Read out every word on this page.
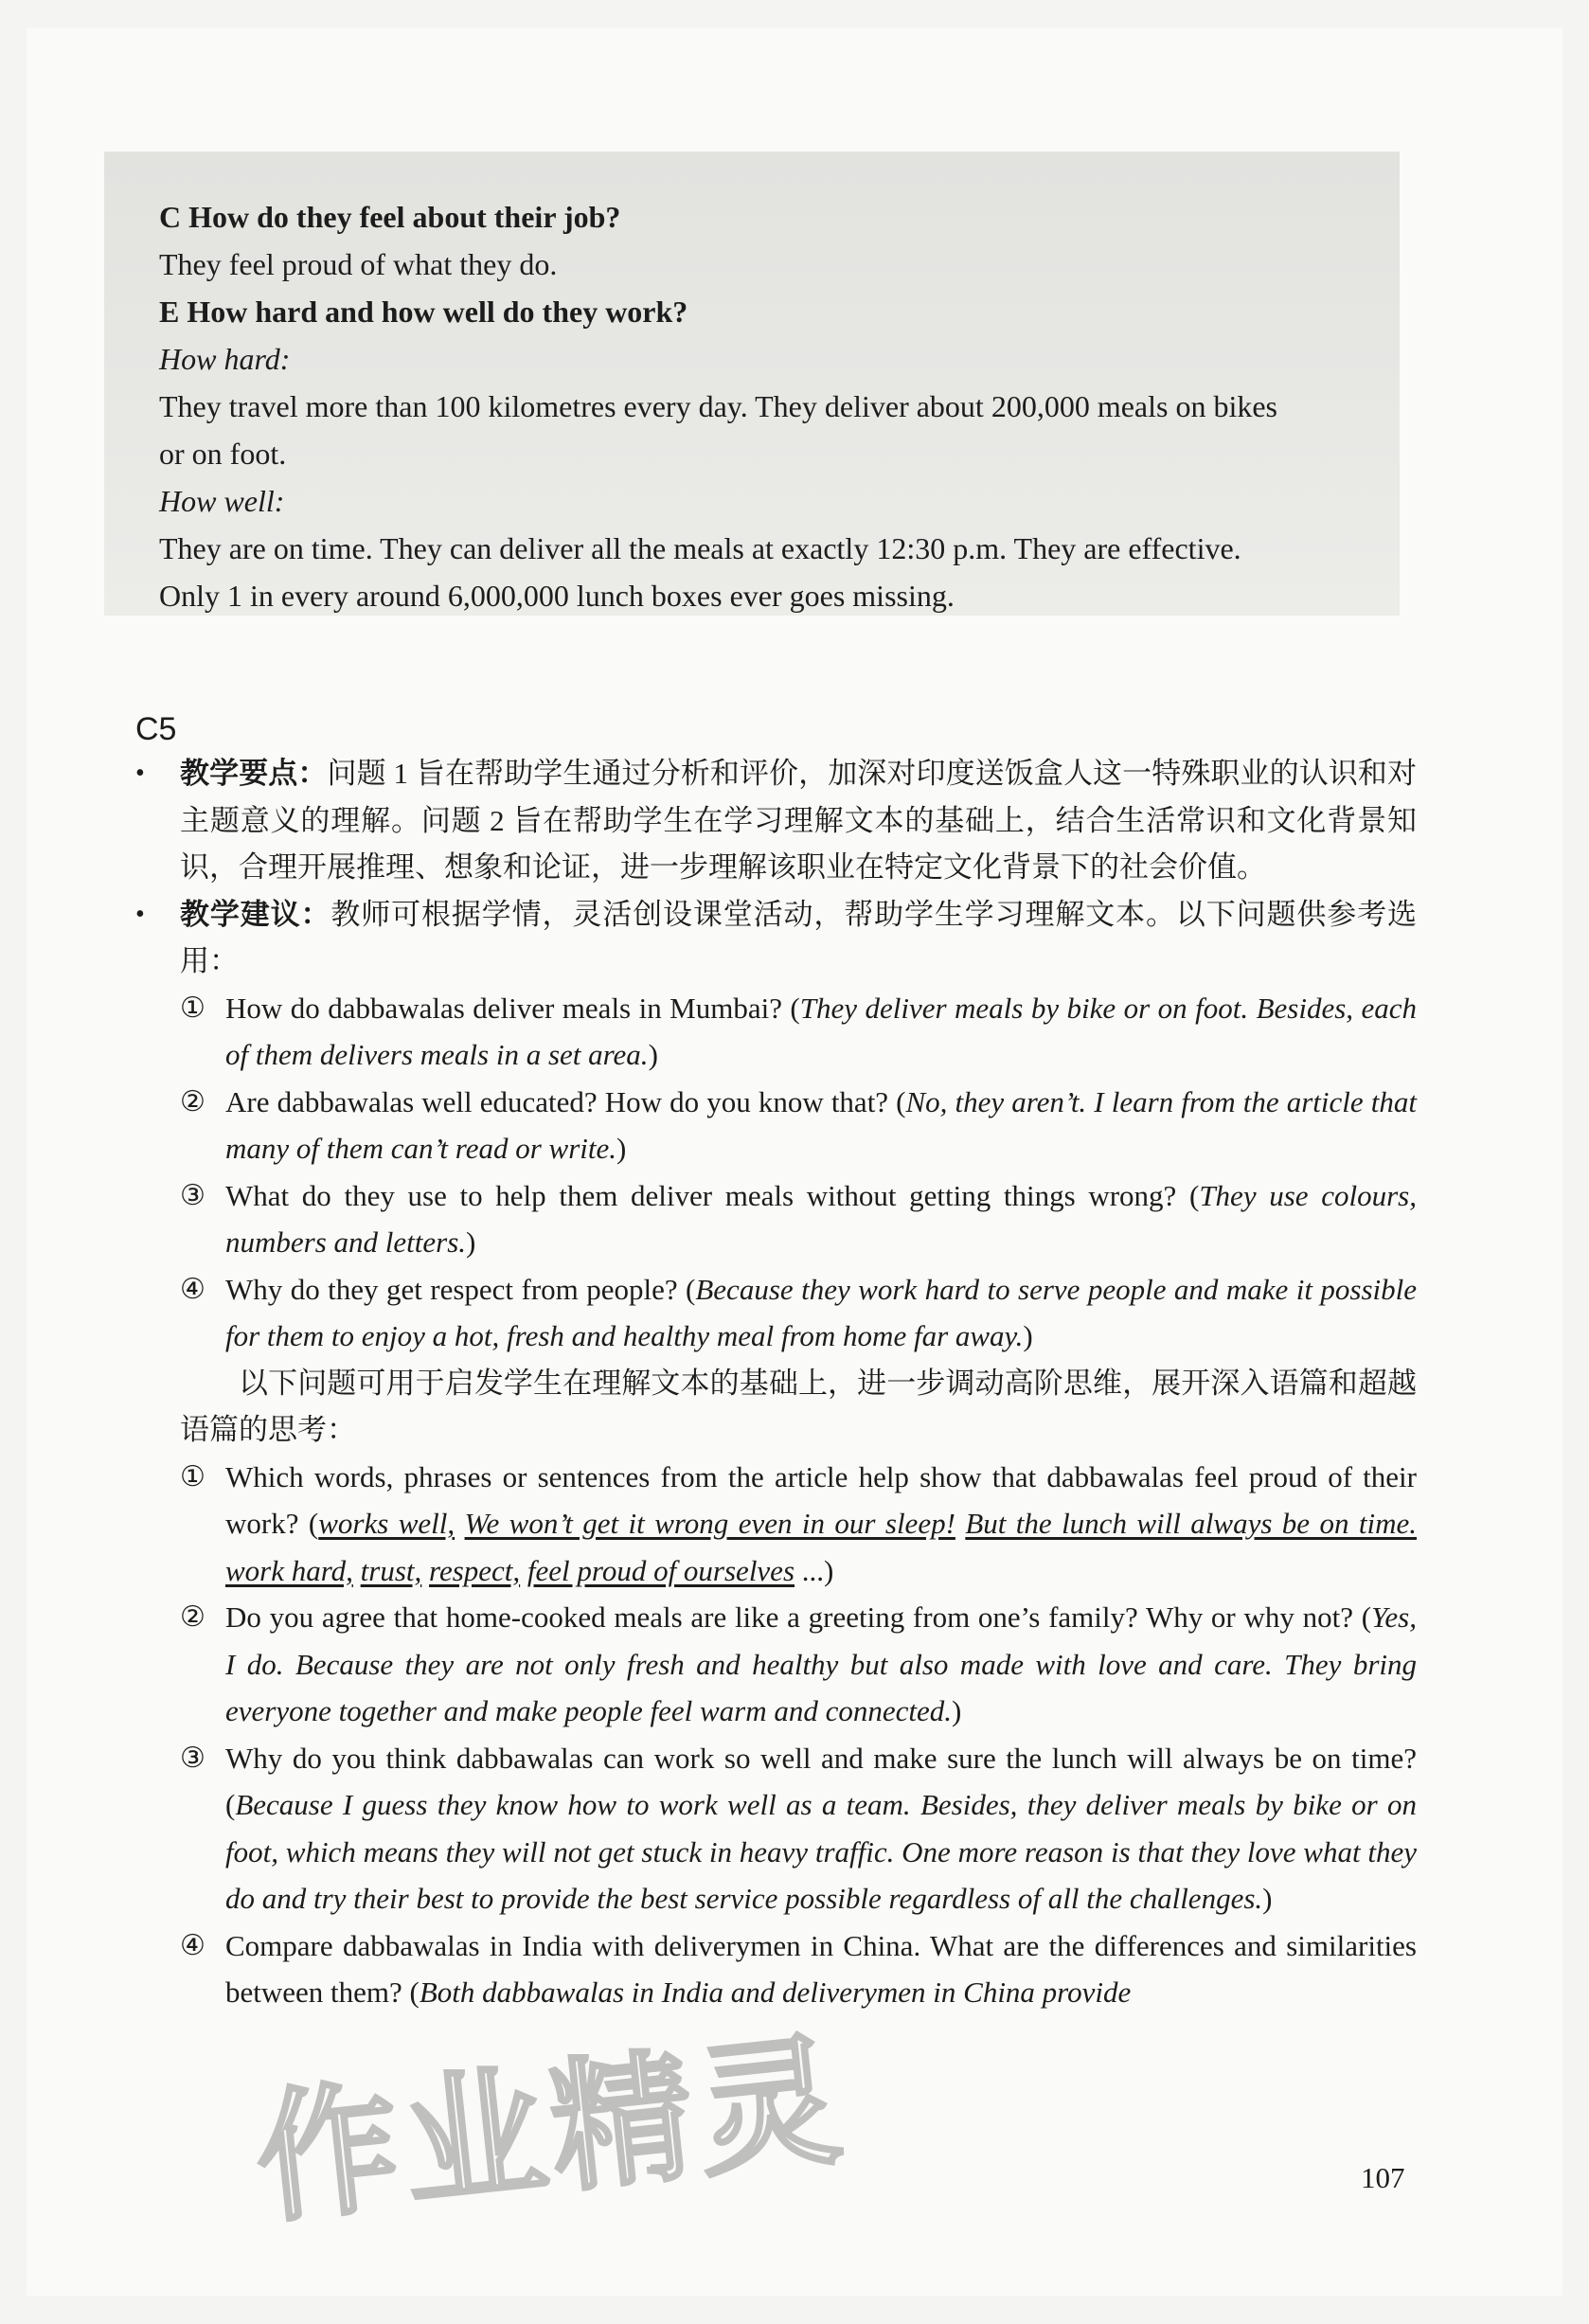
C How do they feel about their job?
They feel proud of what they do.
E How hard and how well do they work?
How hard:
They travel more than 100 kilometres every day. They deliver about 200,000 meals on bikes
or on foot.
How well:
They are on time. They can deliver all the meals at exactly 12:30 p.m. They are effective.
Only 1 in every around 6,000,000 lunch boxes ever goes missing.
C5
• 教学要点：问题 1 旨在帮助学生通过分析和评价，加深对印度送饭盒人这一特殊职业的认识和对主题意义的理解。问题 2 旨在帮助学生在学习理解文本的基础上，结合生活常识和文化背景知识，合理开展推理、想象和论证，进一步理解该职业在特定文化背景下的社会价值。
• 教学建议：教师可根据学情，灵活创设课堂活动，帮助学生学习理解文本。以下问题供参考选用：
① How do dabbawalas deliver meals in Mumbai? (They deliver meals by bike or on foot. Besides, each of them delivers meals in a set area.)
② Are dabbawalas well educated? How do you know that? (No, they aren’t. I learn from the article that many of them can’t read or write.)
③ What do they use to help them deliver meals without getting things wrong? (They use colours, numbers and letters.)
④ Why do they get respect from people? (Because they work hard to serve people and make it possible for them to enjoy a hot, fresh and healthy meal from home far away.)
以下问题可用于启发学生在理解文本的基础上，进一步调动高阶思维，展开深入语篇和超越语篇的思考：
① Which words, phrases or sentences from the article help show that dabbawalas feel proud of their work? (works well, We won’t get it wrong even in our sleep! But the lunch will always be on time. work hard, trust, respect, feel proud of ourselves ...)
② Do you agree that home-cooked meals are like a greeting from one’s family? Why or why not? (Yes, I do. Because they are not only fresh and healthy but also made with love and care. They bring everyone together and make people feel warm and connected.)
③ Why do you think dabbawalas can work so well and make sure the lunch will always be on time? (Because I guess they know how to work well as a team. Besides, they deliver meals by bike or on foot, which means they will not get stuck in heavy traffic. One more reason is that they love what they do and try their best to provide the best service possible regardless of all the challenges.)
④ Compare dabbawalas in India with deliverymen in China. What are the differences and similarities between them? (Both dabbawalas in India and deliverymen in China provide
107
